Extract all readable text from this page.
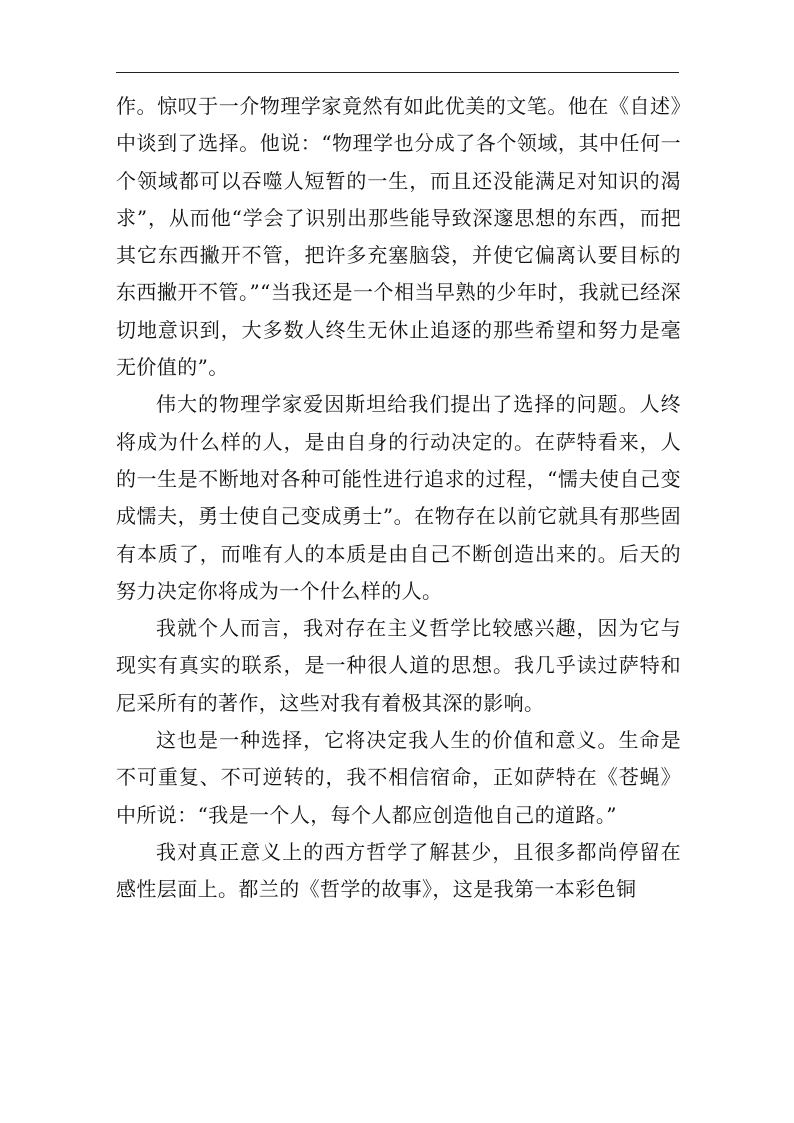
作。惊叹于一介物理学家竟然有如此优美的文笔。他在《自述》中谈到了选择。他说：“物理学也分成了各个领域，其中任何一个领域都可以吞噬人短暂的一生，而且还没能满足对知识的渴求”，从而他“学会了识别出那些能导致深邃思想的东西，而把其它东西撇开不管，把许多充塞脑袋，并使它偏离认要目标的东西撇开不管。”“当我还是一个相当早熟的少年时，我就已经深切地意识到，大多数人终生无休止追逐的那些希望和努力是毫无价值的”。

伟大的物理学家爱因斯坦给我们提出了选择的问题。人终将成为什么样的人，是由自身的行动决定的。在萨特看来，人的一生是不断地对各种可能性进行追求的过程，“懦夫使自己变成懦夫，勇士使自己变成勇士”。在物存在以前它就具有那些固有本质了，而唯有人的本质是由自己不断创造出来的。后天的努力决定你将成为一个什么样的人。

我就个人而言，我对存在主义哲学比较感兴趣，因为它与现实有真实的联系，是一种很人道的思想。我几乎读过萨特和尼采所有的著作，这些对我有着极其深的影响。

这也是一种选择，它将决定我人生的价值和意义。生命是不可重复、不可逆转的，我不相信宿命，正如萨特在《苍蝇》中所说：“我是一个人，每个人都应创造他自己的道路。”

我对真正意义上的西方哲学了解甚少，且很多都尚停留在感性层面上。都兰的《哲学的故事》，这是我第一本彩色铜
